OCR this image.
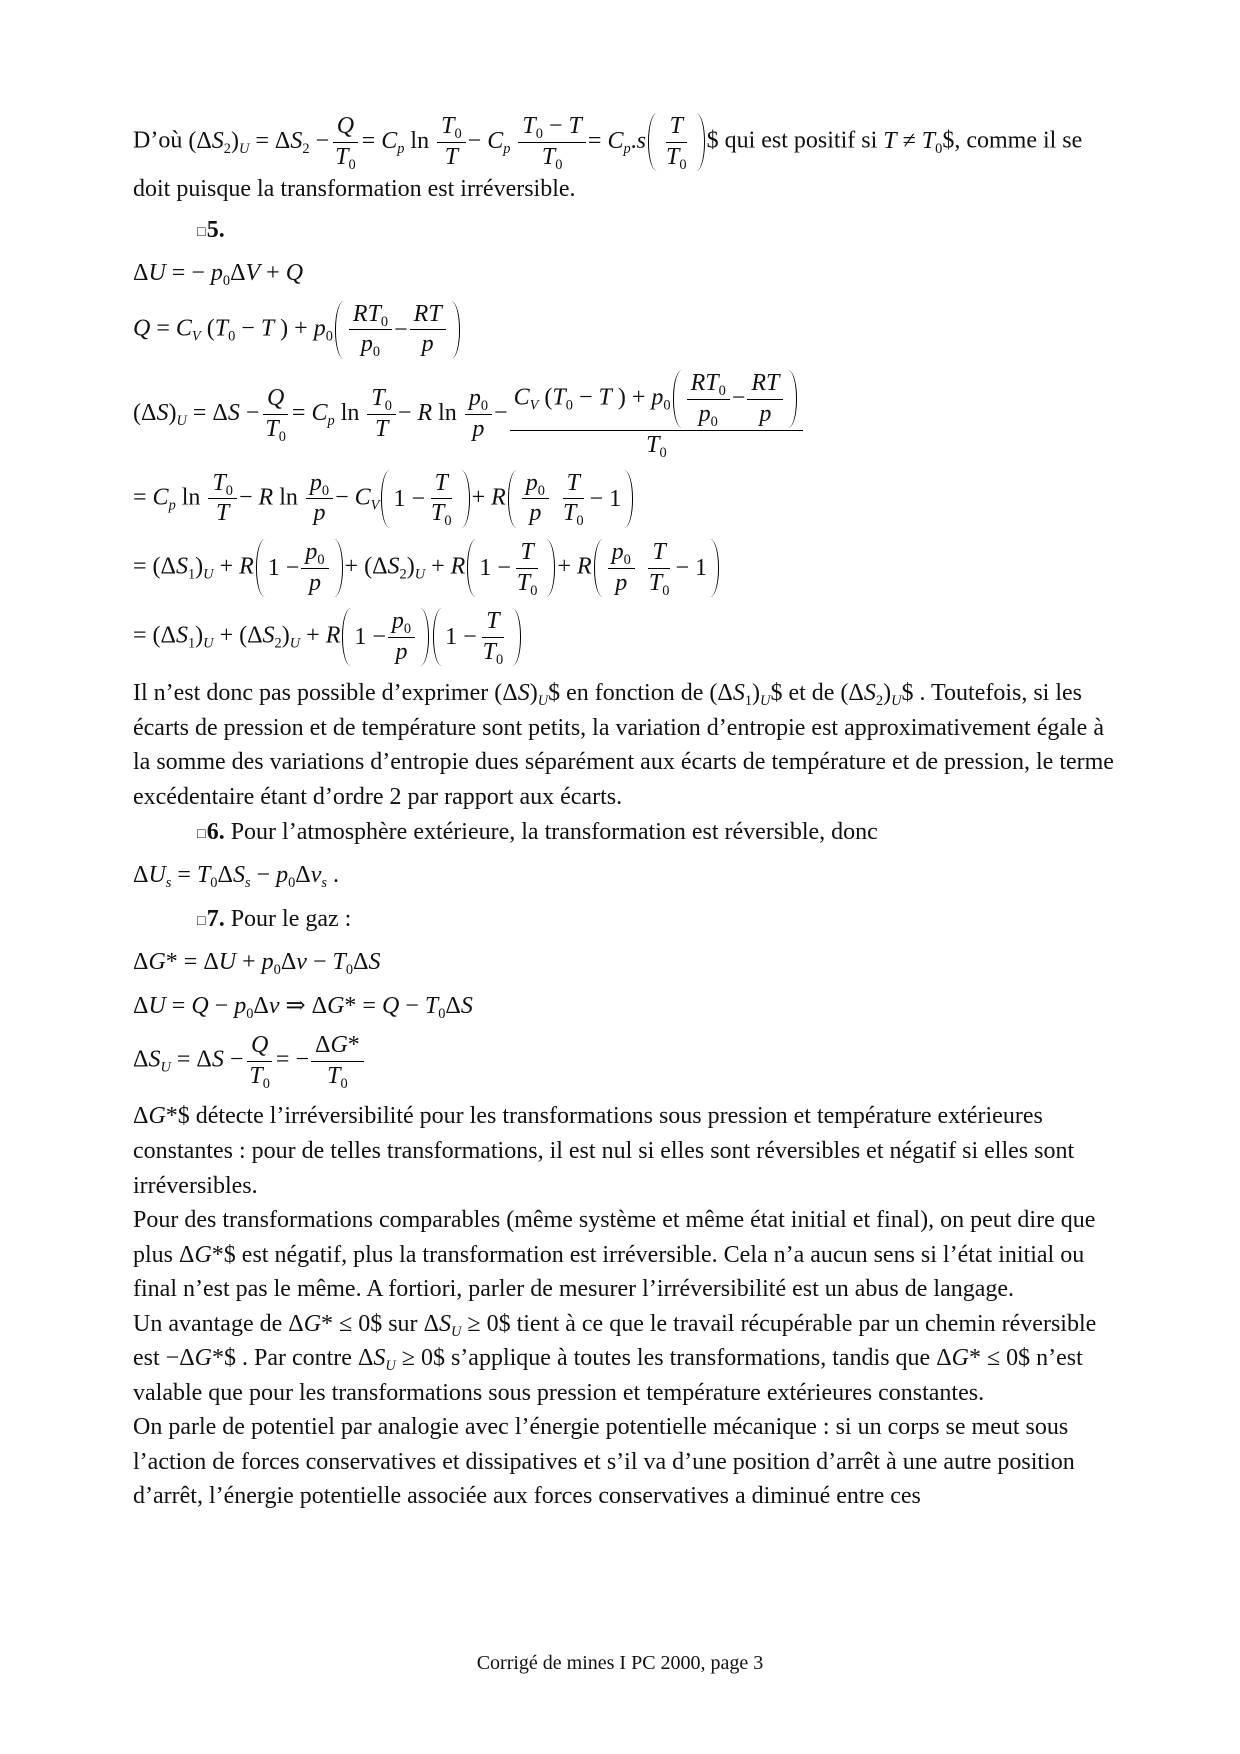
D’où $(\Delta S_2)_U = \Delta S_2 - \frac{Q}{T_0} = C_p$ $\ln \frac{T_0}{T} - C_p \frac{T_0 - T}{T_0} = C_p.s \frac{T}{T_0}$ $ qui est positif si $T \ne T_0\$$, comme il se doit puisque la transformation est irréversible.
□5.
ΔU = − $p_0\Delta V + Q$
$Q = C_V$ ($T_0 - T$ ) + $p_0 \frac{RT_0}{p_0} - \frac{RT}{p}$
$(\Delta S)_U = \Delta S - \frac{Q}{T_0} = C_p$ $\ln \frac{T_0}{T} - R$ $\ln \frac{p_0}{p} - \frac{C_V (T_0 - T ) + p_0 \frac{RT_0}{p_0} - \frac{RT}{p}}{T_0}$
= $C_p$ $\ln \frac{T_0}{T} - R$ $\ln \frac{p_0}{p} - C_V$ $1 - \frac{T}{T_0} + R \frac{p_0}{p}$
$\frac{T}{T_0} - 1$
= $(\Delta S_1)_U + R$ $1 - \frac{p_0}{p} + (\Delta S_2)_U + R$ $1 - \frac{T}{T_0} + R \frac{p_0}{p}$
$\frac{T}{T_0} - 1$
= $(\Delta S_1)_U + (\Delta S_2)_U + R$ $1 - \frac{p_0}{p} 1 - \frac{T}{T_0}$
Il n’est donc pas possible d’exprimer $(\Delta S)_U\$$ en fonction de $(\Delta S_1)_U\$$ et de $(\Delta S_2)_U\$$ . Toutefois, si les écarts de pression et de température sont petits, la variation d’entropie est approximativement égale à la somme des variations d’entropie dues séparément aux écarts de température et de pression, le terme excédentaire étant d’ordre 2 par rapport aux écarts.
□6. Pour l’atmosphère extérieure, la transformation est réversible, donc
$\Delta U_s = T_0\Delta S_s - p_0\Delta v_s$ .
□7. Pour le gaz :
$\Delta G* = \Delta U + p_0\Delta v - T_0\Delta S$
$\Delta U = Q - p_0\Delta v$ ⇒ $\Delta G* = Q - T_0\Delta S$
$\Delta S_U = \Delta S - \frac{Q}{T_0}$ = − $\frac{\Delta G*}{T_0}$
ΔG*$ détecte l’irréversibilité pour les transformations sous pression et température extérieures constantes : pour de telles transformations, il est nul si elles sont réversibles et négatif si elles sont irréversibles.
Pour des transformations comparables (même système et même état initial et final), on peut dire que plus ΔG*$ est négatif, plus la transformation est irréversible. Cela n’a aucun sens si l’état initial ou final n’est pas le même. A fortiori, parler de mesurer l’irréversibilité est un abus de langage.
Un avantage de ΔG* ≤ 0$ sur $\Delta S_U$ ≥ 0$ tient à ce que le travail récupérable par un chemin réversible est −ΔG*$ . Par contre $\Delta S_U$ ≥ 0$ s’applique à toutes les transformations, tandis que ΔG* ≤ 0$ n’est valable que pour les transformations sous pression et température extérieures constantes.
On parle de potentiel par analogie avec l’énergie potentielle mécanique : si un corps se meut sous l’action de forces conservatives et dissipatives et s’il va d’une position d’arrêt à une autre position d’arrêt, l’énergie potentielle associée aux forces conservatives a diminué entre ces
Corrigé de mines I PC 2000, page 3
